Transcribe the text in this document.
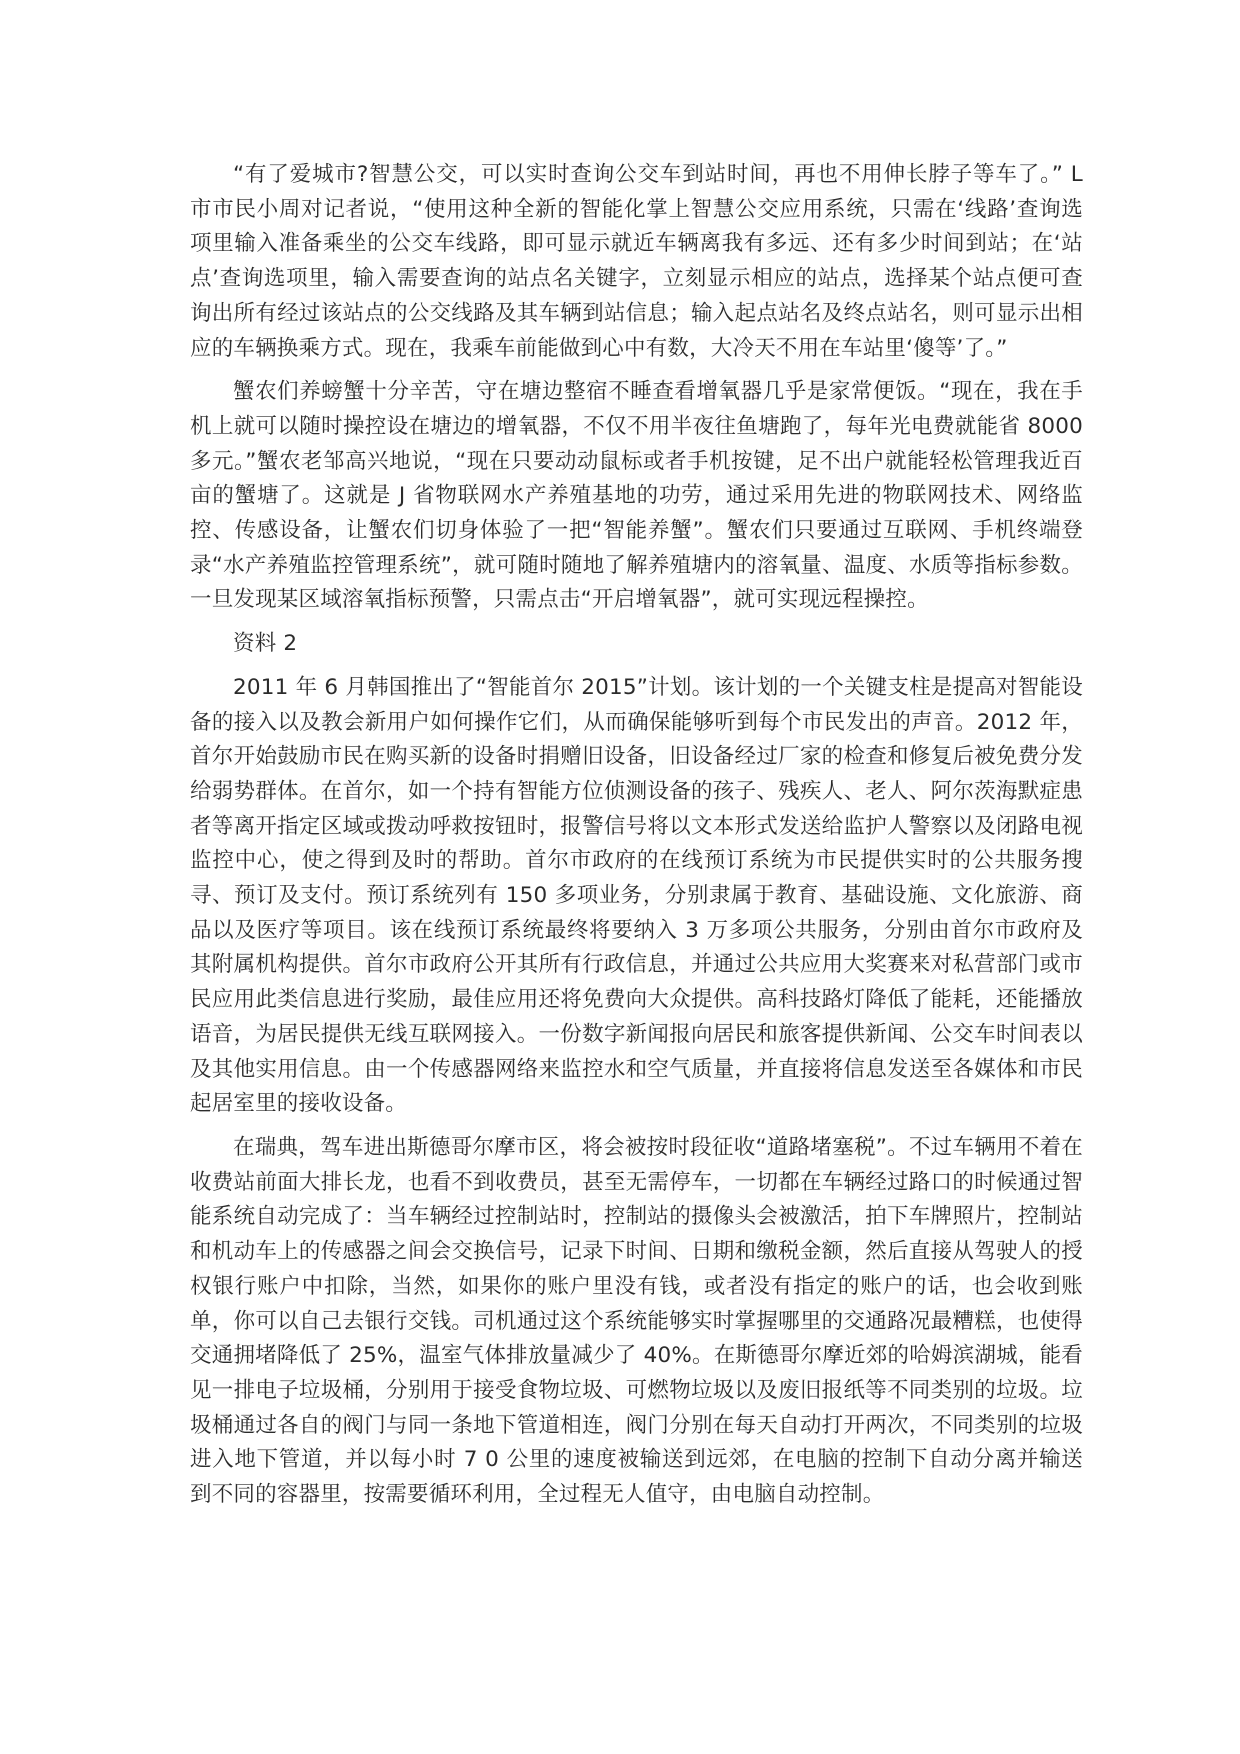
“有了爱城市?智慧公交，可以实时查询公交车到站时间，再也不用伸长脖子等车了。” L 市市民小周对记者说，“使用这种全新的智能化掌上智慧公交应用系统，只需在‘线路’查询选项里输入准备乘坐的公交车线路，即可显示就近车辆离我有多远、还有多少时间到站；在‘站点’查询选项里，输入需要查询的站点名关键字，立刻显示相应的站点，选择某个站点便可查询出所有经过该站点的公交线路及其车辆到站信息；输入起点站名及终点站名，则可显示出相应的车辆换乘方式。现在，我乘车前能做到心中有数，大冷天不用在车站里‘傻等’了。”

蟹农们养螃蟹十分辛苦，守在塘边整宿不睡查看增氧器几乎是家常便饭。“现在，我在手机上就可以随时操控设在塘边的增氧器，不仅不用半夜往鱼塘跑了，每年光电费就能省 8000 多元。”蟹农老邹高兴地说，“现在只要动动鼠标或者手机按键，足不出户就能轻松管理我近百亩的蟹塘了。这就是 J 省物联网水产养殖基地的功劳，通过采用先进的物联网技术、网络监控、传感设备，让蟹农们切身体验了一把“智能养蟹”。蟹农们只要通过互联网、手机终端登录“水产养殖监控管理系统”，就可随时随地了解养殖塘内的溶氧量、温度、水质等指标参数。一旦发现某区域溶氧指标预警，只需点击“开启增氧器”，就可实现远程操控。

资料 2

2011 年 6 月韩国推出了“智能首尔 2015”计划。该计划的一个关键支柱是提高对智能设备的接入以及教会新用户如何操作它们，从而确保能够听到每个市民发出的声音。2012 年，首尔开始鼓励市民在购买新的设备时捐赠旧设备，旧设备经过厂家的检查和修复后被免费分发给弱势群体。在首尔，如一个持有智能方位侦测设备的孩子、残疾人、老人、阿尔茨海默症患者等离开指定区域或拨动呼救按钮时，报警信号将以文本形式发送给监护人警察以及闭路电视监控中心，使之得到及时的帮助。首尔市政府的在线预订系统为市民提供实时的公共服务搜寻、预订及支付。预订系统列有 150 多项业务，分别隶属于教育、基础设施、文化旅游、商品以及医疗等项目。该在线预订系统最终将要纳入 3 万多项公共服务，分别由首尔市政府及其附属机构提供。首尔市政府公开其所有行政信息，并通过公共应用大奖赛来对私营部门或市民应用此类信息进行奖励，最佳应用还将免费向大众提供。高科技路灯降低了能耗，还能播放语音，为居民提供无线互联网接入。一份数字新闻报向居民和旅客提供新闻、公交车时间表以及其他实用信息。由一个传感器网络来监控水和空气质量，并直接将信息发送至各媒体和市民起居室里的接收设备。

在瑞典，驾车进出斯德哥尔摩市区，将会被按时段征收“道路堵塞税”。不过车辆用不着在收费站前面大排长龙，也看不到收费员，甚至无需停车，一切都在车辆经过路口的时候通过智能系统自动完成了：当车辆经过控制站时，控制站的摄像头会被激活，拍下车牌照片，控制站和机动车上的传感器之间会交换信号，记录下时间、日期和缴税金额，然后直接从驾驶人的授权银行账户中扣除，当然，如果你的账户里没有钱，或者没有指定的账户的话，也会收到账单，你可以自己去银行交钱。司机通过这个系统能够实时掌握哪里的交通路况最糟糕，也使得交通拥堵降低了 25%，温室气体排放量减少了 40%。在斯德哥尔摩近郊的哈姆滨湖城，能看见一排电子垃圾桶，分别用于接受食物垃圾、可燃物垃圾以及废旧报纸等不同类别的垃圾。垃圾桶通过各自的阀门与同一条地下管道相连，阀门分别在每天自动打开两次，不同类别的垃圾进入地下管道，并以每小时 7 0 公里的速度被输送到远郊，在电脑的控制下自动分离并输送到不同的容器里，按需要循环利用，全过程无人值守，由电脑自动控制。
